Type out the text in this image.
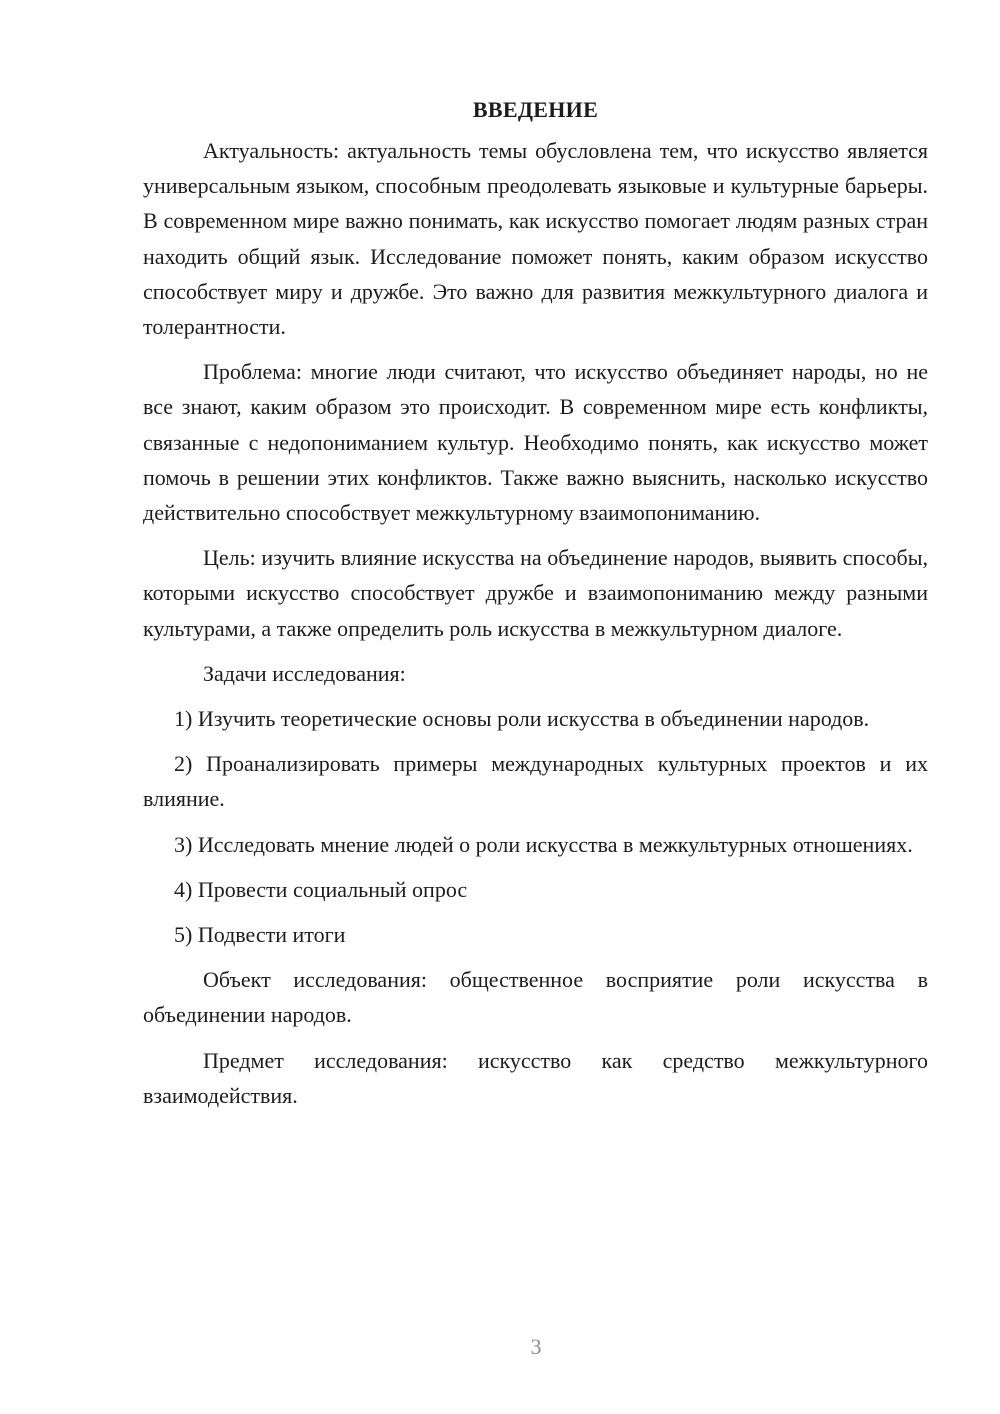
ВВЕДЕНИЕ

Актуальность: актуальность темы обусловлена тем, что искусство является универсальным языком, способным преодолевать языковые и культурные барьеры. В современном мире важно понимать, как искусство помогает людям разных стран находить общий язык. Исследование поможет понять, каким образом искусство способствует миру и дружбе. Это важно для развития межкультурного диалога и толерантности.

Проблема: многие люди считают, что искусство объединяет народы, но не все знают, каким образом это происходит. В современном мире есть конфликты, связанные с недопониманием культур. Необходимо понять, как искусство может помочь в решении этих конфликтов. Также важно выяснить, насколько искусство действительно способствует межкультурному взаимопониманию.

Цель: изучить влияние искусства на объединение народов, выявить способы, которыми искусство способствует дружбе и взаимопониманию между разными культурами, а также определить роль искусства в межкультурном диалоге.

Задачи исследования:

1) Изучить теоретические основы роли искусства в объединении народов.

2) Проанализировать примеры международных культурных проектов и их влияние.

3) Исследовать мнение людей о роли искусства в межкультурных отношениях.

4) Провести социальный опрос

5) Подвести итоги

Объект исследования: общественное восприятие роли искусства в объединении народов.

Предмет исследования: искусство как средство межкультурного взаимодействия.

3
